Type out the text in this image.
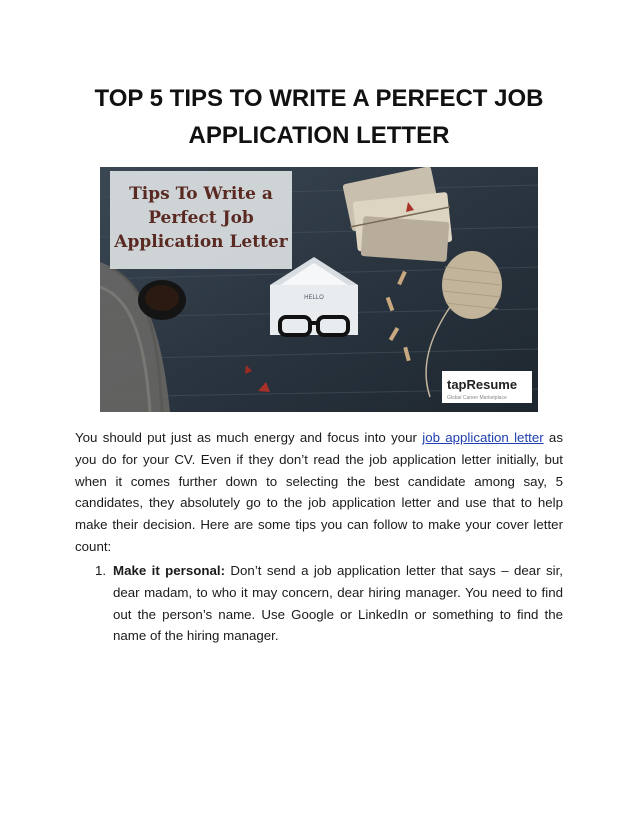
TOP 5 TIPS TO WRITE A PERFECT JOB
APPLICATION LETTER
HELLO
Tips To Write a
Perfect Job
Application Letter
tapResume
Global Career Marketplace
You should put just as much energy and focus into your job application letter as you do for your CV. Even if they don’t read the job application letter initially, but when it comes further down to selecting the best candidate among say, 5 candidates, they absolutely go to the job application letter and use that to help make their decision. Here are some tips you can follow to make your cover letter count:
1. Make it personal: Don’t send a job application letter that says – dear sir, dear madam, to who it may concern, dear hiring manager. You need to find out the person’s name. Use Google or LinkedIn or something to find the name of the hiring manager.
